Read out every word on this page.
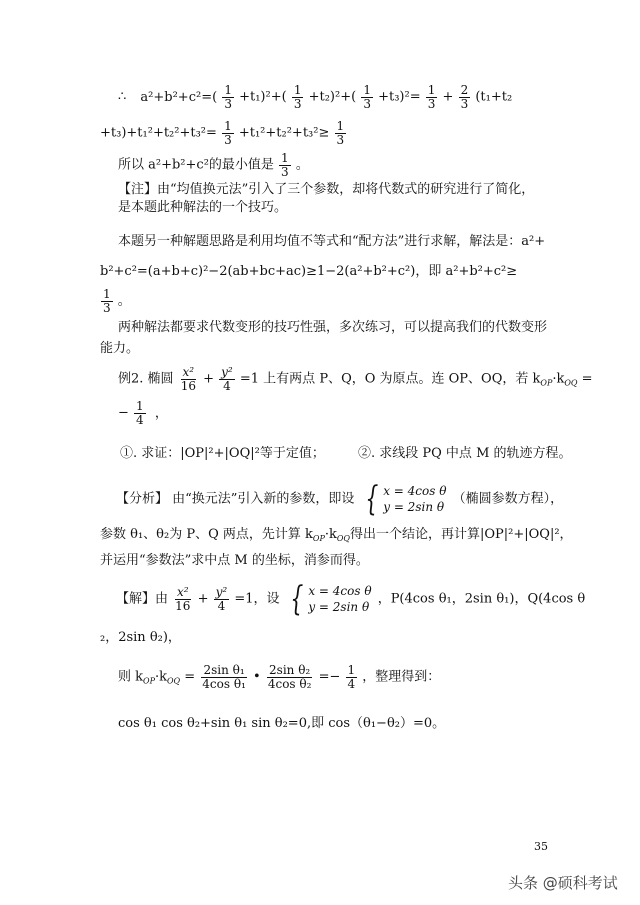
∴ $a^2+b^2+c^2=( \frac{1}{3} +t_1)^2+( \frac{1}{3} +t_2)^2+( \frac{1}{3} +t_3)^2= \frac{1}{3} + \frac{2}{3} (t_1+t_2$
$+t_3)+t_1^2+t_2^2+t_3^2= \frac{1}{3} +t_1^2+t_2^2+t_3^2\ge \frac{1}{3}$
所以 a²+b²+c²的最小值是 $\frac{1}{3}$ 。
【注】由“均值换元法”引入了三个参数，却将代数式的研究进行了简化，
是本题此种解法的一个技巧。
本题另一种解题思路是利用均值不等式和“配方法”进行求解，解法是：a²+
b²+c²=(a+b+c)²−2(ab+bc+ac)≥1−2(a²+b²+c²)，即 a²+b²+c²≥
$\frac{1}{3}$ 。
两种解法都要求代数变形的技巧性强，多次练习，可以提高我们的代数变形
能力。
例2. 椭圆 $\frac{\text{x²}}{16} + \frac{\text{y²}}{4} =1$ 上有两点 P、Q，O 为原点。连 OP、OQ，若 $k_{OP}\cdot k_{OQ}$ =
− $\frac{1}{4}$ ，
①. 求证：|OP|²+|OQ|²等于定值；	②. 求线段 PQ 中点 M 的轨迹方程。
【分析】 由“换元法”引入新的参数，即设 { x = 4cos θ
y = 2sin θ
（椭圆参数方程），
参数 θ₁、θ₂为 P、Q 两点，先计算 $k_{OP}\cdot k_{OQ}$得出一个结论，再计算|OP|²+|OQ|²，
并运用“参数法”求中点 M 的坐标，消参而得。
【解】由 $\frac{\text{x²}}{16} + \frac{\text{y²}}{4} =1$，设 { x = 4cos θ
y = 2sin θ
，P(4cos θ₁，2sin θ₁)，Q(4cos θ
₂，2sin θ₂)，
则 $k_{OP}\cdot k_{OQ} = \frac{\text{2sin θ₁}}{\text{4cos θ₁}}$ • $\frac{\text{2sin θ₂}}{\text{4cos θ₂}} =- \frac{1}{4}$ ，整理得到：
cos θ₁ cos θ₂+sin θ₁ sin θ₂=0,即 cos（θ₁−θ₂）=0。
35
头条 @硕科考试
